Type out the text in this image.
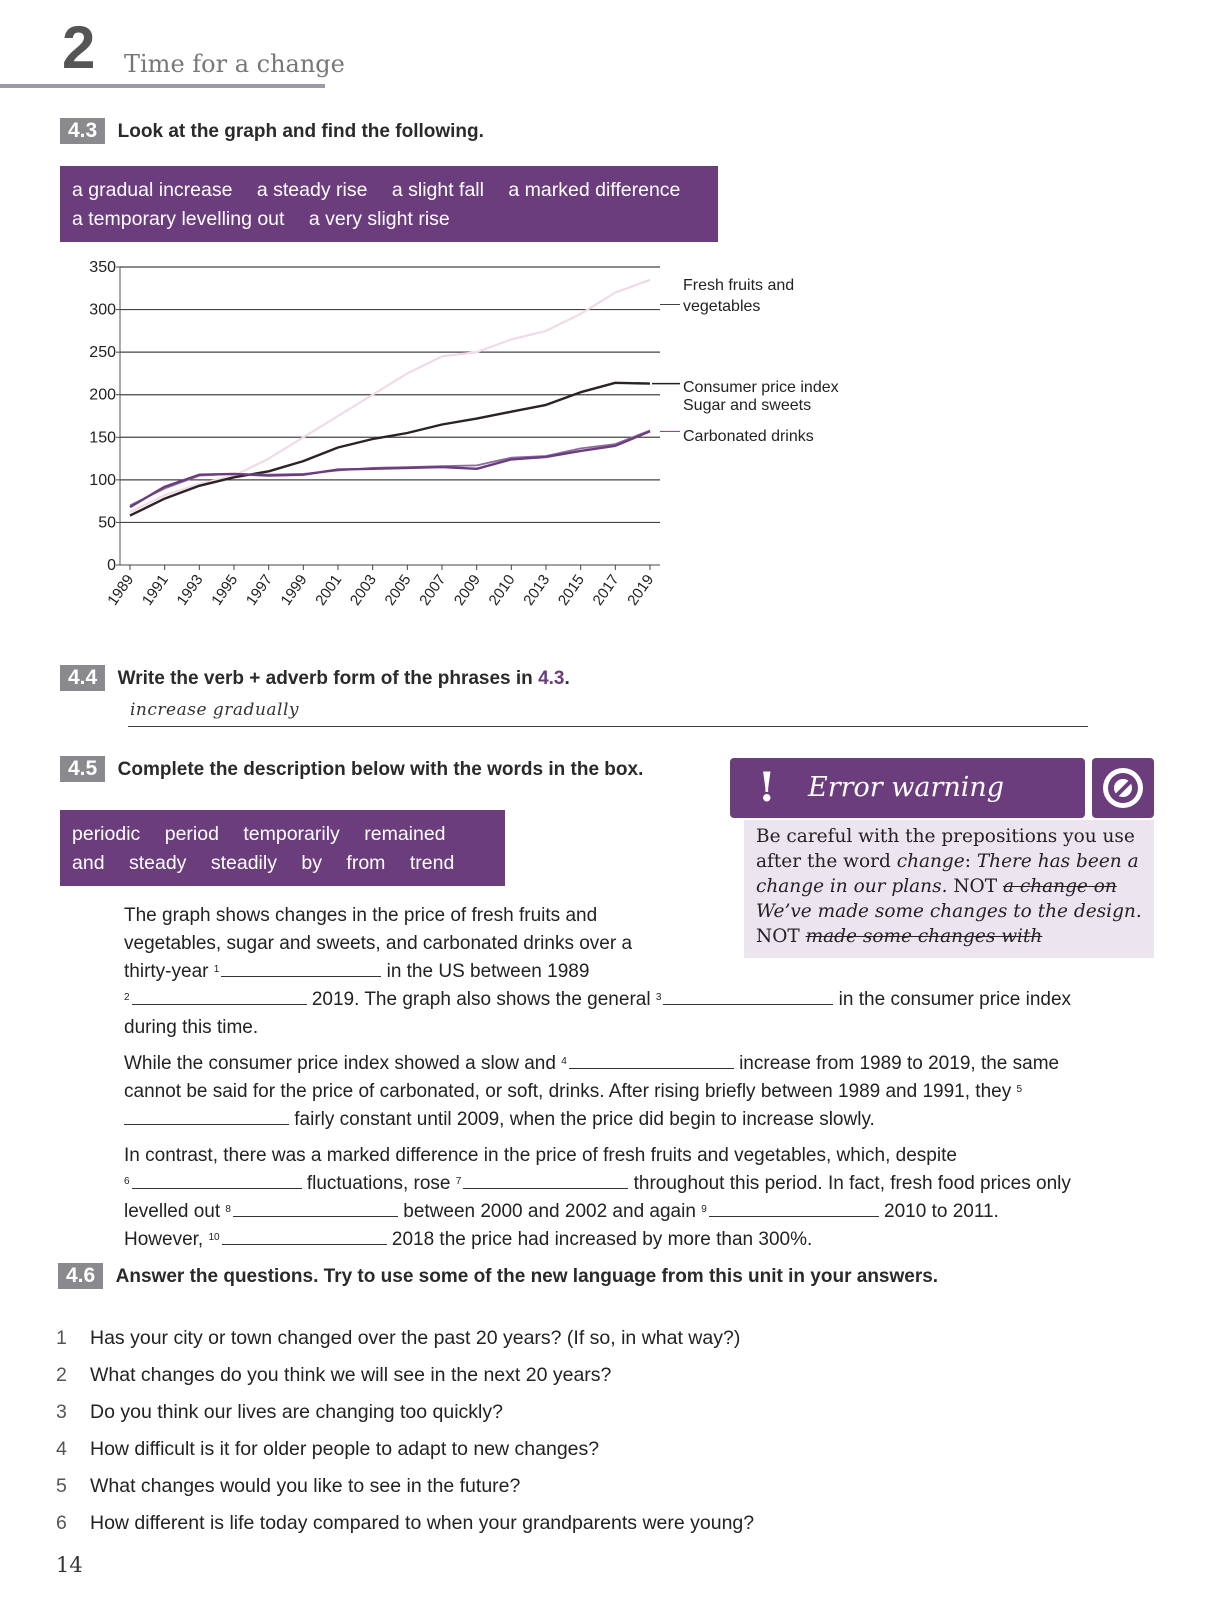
2 Time for a change
4.3 Look at the graph and find the following.
a gradual increase a steady rise a slight fall a marked difference
a temporary levelling out a very slight rise
0
50
100
150
200
250
300
350
1989 1991 1993 1995 1997 1999 2001 2003 2005 2007 2009 2010 2013 2015 2017 2019
Fresh fruits and
vegetables
Consumer price index
Sugar and sweets
Carbonated drinks
4.4 Write the verb + adverb form of the phrases in 4.3.
increase gradually
4.5 Complete the description below with the words in the box.
periodic period temporarily remained
and steady steadily by from trend
! Error warning
Be careful with the prepositions you use after the word change: There has been a change in our plans. NOT a change on We’ve made some changes to the design. NOT made some changes with

The graph shows changes in the price of fresh fruits and vegetables, sugar and sweets, and carbonated drinks over a thirty-year $^1$	in the US between 1989
$^2$	2019. The graph also shows the general $^3$	in the consumer price index during this time.

While the consumer price index showed a slow and $^4$	increase from 1989 to 2019, the same cannot be said for the price of carbonated, or soft, drinks. After rising briefly between 1989 and 1991, they $^5$ fairly constant until 2009, when the price did begin to increase slowly.

In contrast, there was a marked difference in the price of fresh fruits and vegetables, which, despite
$^6$	fluctuations, rose $^7$	throughout this period. In fact, fresh food prices only levelled out $^8$	between 2000 and 2002 and again $^9$	2010 to 2011. However, $^{10}$	2018 the price had increased by more than 300%.

4.6 Answer the questions. Try to use some of the new language from this unit in your answers.
1 Has your city or town changed over the past 20 years? (If so, in what way?)
2 What changes do you think we will see in the next 20 years?
3 Do you think our lives are changing too quickly?
4 How difficult is it for older people to adapt to new changes?
5 What changes would you like to see in the future?
6 How different is life today compared to when your grandparents were young?
14
